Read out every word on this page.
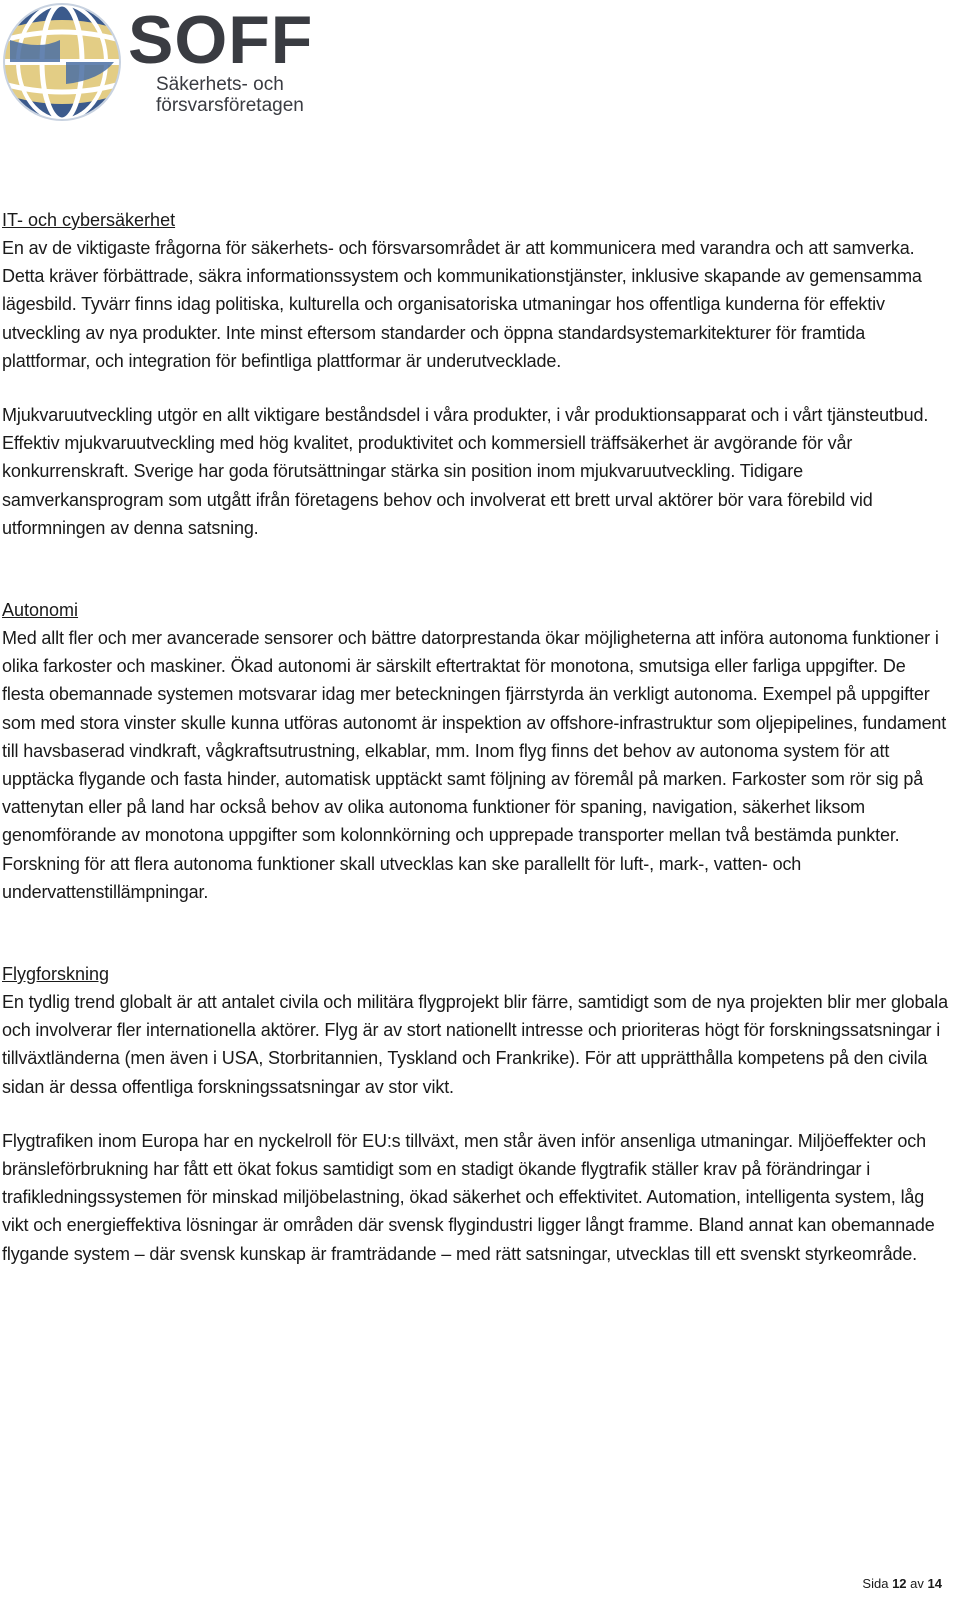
SOFF
Säkerhets- och
försvarsföretagen
IT- och cybersäkerhet

En av de viktigaste frågorna för säkerhets- och försvarsområdet är att kommunicera med varandra och att samverka. Detta kräver förbättrade, säkra informationssystem och kommunikationstjänster, inklusive skapande av gemensamma lägesbild. Tyvärr finns idag politiska, kulturella och organisatoriska utmaningar hos offentliga kunderna för effektiv utveckling av nya produkter. Inte minst eftersom standarder och öppna standardsystemarkitekturer för framtida plattformar, och integration för befintliga plattformar är underutvecklade.

Mjukvaruutveckling utgör en allt viktigare beståndsdel i våra produkter, i vår produktionsapparat och i vårt tjänsteutbud. Effektiv mjukvaruutveckling med hög kvalitet, produktivitet och kommersiell träffsäkerhet är avgörande för vår konkurrenskraft. Sverige har goda förutsättningar stärka sin position inom mjukvaruutveckling. Tidigare samverkansprogram som utgått ifrån företagens behov och involverat ett brett urval aktörer bör vara förebild vid utformningen av denna satsning.

Autonomi

Med allt fler och mer avancerade sensorer och bättre datorprestanda ökar möjligheterna att införa autonoma funktioner i olika farkoster och maskiner. Ökad autonomi är särskilt eftertraktat för monotona, smutsiga eller farliga uppgifter. De flesta obemannade systemen motsvarar idag mer beteckningen fjärrstyrda än verkligt autonoma. Exempel på uppgifter som med stora vinster skulle kunna utföras autonomt är inspektion av offshore-infrastruktur som oljepipelines, fundament till havsbaserad vindkraft, vågkraftsutrustning, elkablar, mm. Inom flyg finns det behov av autonoma system för att upptäcka flygande och fasta hinder, automatisk upptäckt samt följning av föremål på marken. Farkoster som rör sig på vattenytan eller på land har också behov av olika autonoma funktioner för spaning, navigation, säkerhet liksom genomförande av monotona uppgifter som kolonnkörning och upprepade transporter mellan två bestämda punkter. Forskning för att flera autonoma funktioner skall utvecklas kan ske parallellt för luft-, mark-, vatten- och undervattenstillämpningar.

Flygforskning

En tydlig trend globalt är att antalet civila och militära flygprojekt blir färre, samtidigt som de nya projekten blir mer globala och involverar fler internationella aktörer. Flyg är av stort nationellt intresse och prioriteras högt för forskningssatsningar i tillväxtländerna (men även i USA, Storbritannien, Tyskland och Frankrike). För att upprätthålla kompetens på den civila sidan är dessa offentliga forskningssatsningar av stor vikt.

Flygtrafiken inom Europa har en nyckelroll för EU:s tillväxt, men står även inför ansenliga utmaningar. Miljöeffekter och bränsleförbrukning har fått ett ökat fokus samtidigt som en stadigt ökande flygtrafik ställer krav på förändringar i trafikledningssystemen för minskad miljöbelastning, ökad säkerhet och effektivitet. Automation, intelligenta system, låg vikt och energieffektiva lösningar är områden där svensk flygindustri ligger långt framme. Bland annat kan obemannade flygande system – där svensk kunskap är framträdande – med rätt satsningar, utvecklas till ett svenskt styrkeområde.

Sida 12 av 14
